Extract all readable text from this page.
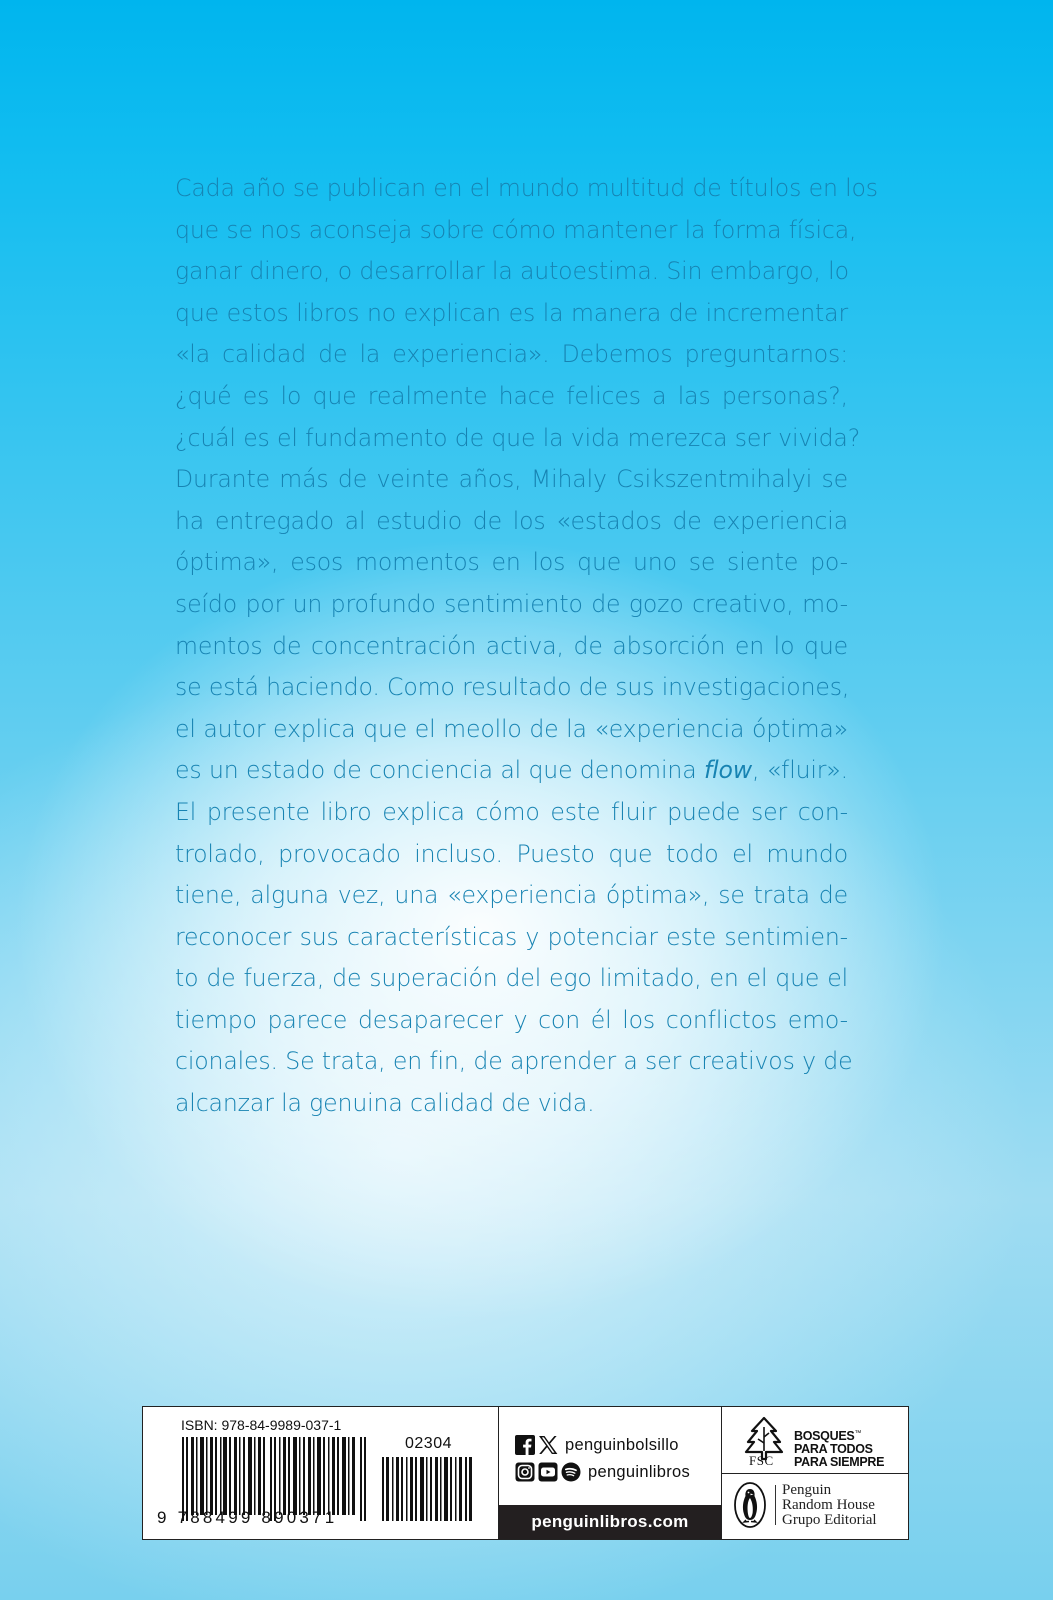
Cada año se publican en el mundo multitud de títulos en los
que se nos aconseja sobre cómo mantener la forma física,
ganar dinero, o desarrollar la autoestima. Sin embargo, lo
que estos libros no explican es la manera de incrementar
«la calidad de la experiencia». Debemos preguntarnos:
¿qué es lo que realmente hace felices a las personas?,
¿cuál es el fundamento de que la vida merezca ser vivida?
Durante más de veinte años, Mihaly Csikszentmihalyi se
ha entregado al estudio de los «estados de experiencia
óptima», esos momentos en los que uno se siente po-
seído por un profundo sentimiento de gozo creativo, mo-
mentos de concentración activa, de absorción en lo que
se está haciendo. Como resultado de sus investigaciones,
el autor explica que el meollo de la «experiencia óptima»
es un estado de conciencia al que denomina flow, «fluir».
El presente libro explica cómo este fluir puede ser con-
trolado, provocado incluso. Puesto que todo el mundo
tiene, alguna vez, una «experiencia óptima», se trata de
reconocer sus características y potenciar este sentimien-
to de fuerza, de superación del ego limitado, en el que el
tiempo parece desaparecer y con él los conflictos emo-
cionales. Se trata, en fin, de aprender a ser creativos y de
alcanzar la genuina calidad de vida.
ISBN: 978-84-9989-037-1
02304
9 788499 890371
penguinbolsillo
penguinlibros
penguinlibros.com
FSC
BOSQUES™
PARA TODOS
PARA SIEMPRE
Penguin
Random House
Grupo Editorial
